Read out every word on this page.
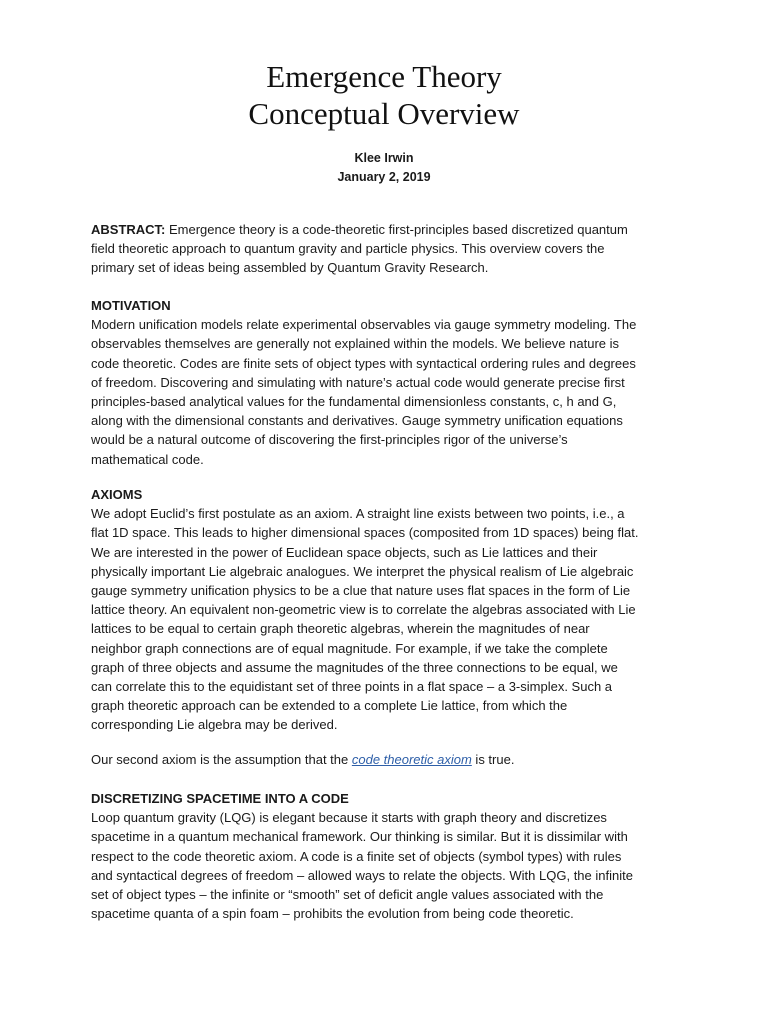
Emergence Theory
Conceptual Overview
Klee Irwin
January 2, 2019
ABSTRACT: Emergence theory is a code-theoretic first-principles based discretized quantum
field theoretic approach to quantum gravity and particle physics. This overview covers the
primary set of ideas being assembled by Quantum Gravity Research.
MOTIVATION
Modern unification models relate experimental observables via gauge symmetry modeling. The
observables themselves are generally not explained within the models. We believe nature is
code theoretic. Codes are finite sets of object types with syntactical ordering rules and degrees
of freedom. Discovering and simulating with nature’s actual code would generate precise first
principles-based analytical values for the fundamental dimensionless constants, c, h and G,
along with the dimensional constants and derivatives. Gauge symmetry unification equations
would be a natural outcome of discovering the first-principles rigor of the universe’s
mathematical code.
AXIOMS
We adopt Euclid’s first postulate as an axiom. A straight line exists between two points, i.e., a
flat 1D space. This leads to higher dimensional spaces (composited from 1D spaces) being flat.
We are interested in the power of Euclidean space objects, such as Lie lattices and their
physically important Lie algebraic analogues. We interpret the physical realism of Lie algebraic
gauge symmetry unification physics to be a clue that nature uses flat spaces in the form of Lie
lattice theory. An equivalent non-geometric view is to correlate the algebras associated with Lie
lattices to be equal to certain graph theoretic algebras, wherein the magnitudes of near
neighbor graph connections are of equal magnitude. For example, if we take the complete
graph of three objects and assume the magnitudes of the three connections to be equal, we
can correlate this to the equidistant set of three points in a flat space – a 3-simplex. Such a
graph theoretic approach can be extended to a complete Lie lattice, from which the
corresponding Lie algebra may be derived.
Our second axiom is the assumption that the code theoretic axiom is true.
DISCRETIZING SPACETIME INTO A CODE
Loop quantum gravity (LQG) is elegant because it starts with graph theory and discretizes
spacetime in a quantum mechanical framework. Our thinking is similar. But it is dissimilar with
respect to the code theoretic axiom. A code is a finite set of objects (symbol types) with rules
and syntactical degrees of freedom – allowed ways to relate the objects. With LQG, the infinite
set of object types – the infinite or “smooth” set of deficit angle values associated with the
spacetime quanta of a spin foam – prohibits the evolution from being code theoretic.
